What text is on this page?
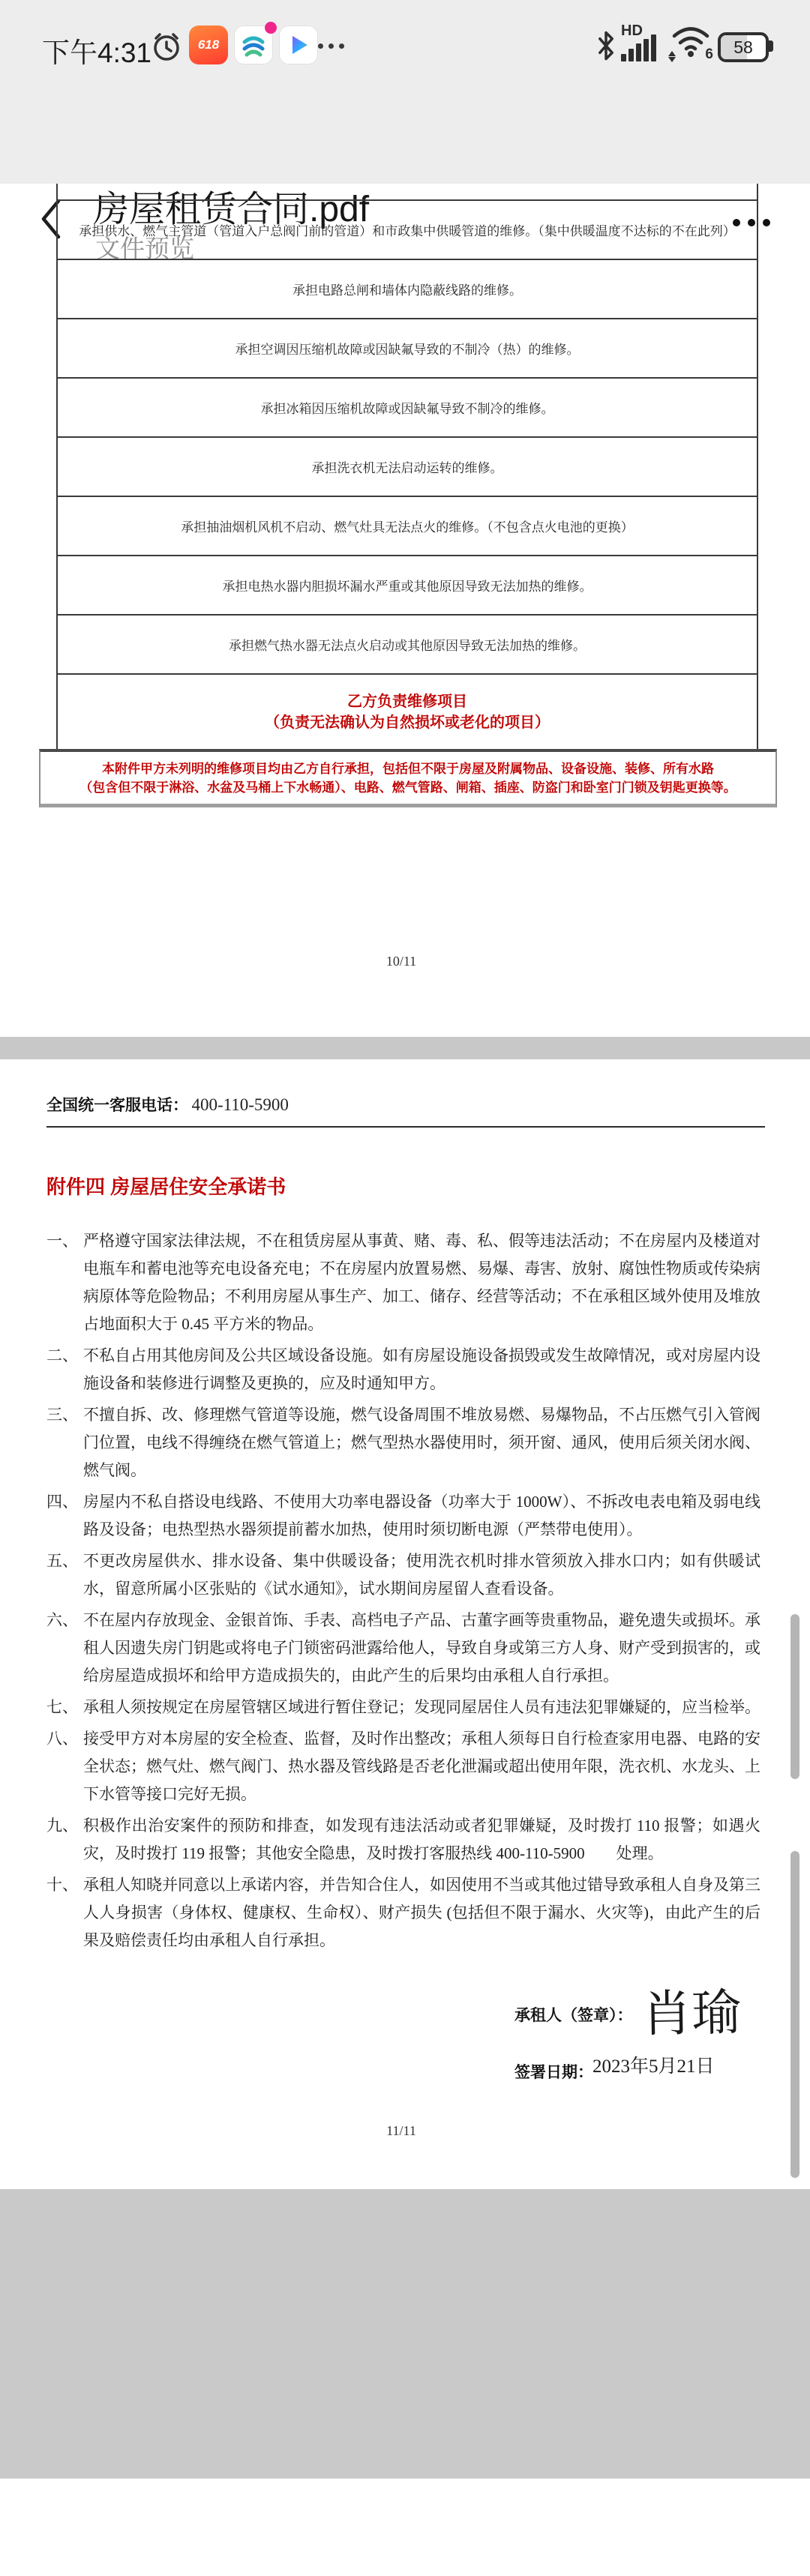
下午4:31	618
HD
6	58
房屋租赁合同.pdf
文件预览
承担供水、燃气主管道（管道入户总阀门前的管道）和市政集中供暖管道的维修。（集中供暖温度不达标的不在此列）
承担电路总闸和墙体内隐蔽线路的维修。
承担空调因压缩机故障或因缺氟导致的不制冷（热）的维修。
承担冰箱因压缩机故障或因缺氟导致不制冷的维修。
承担洗衣机无法启动运转的维修。
承担抽油烟机风机不启动、燃气灶具无法点火的维修。（不包含点火电池的更换）
承担电热水器内胆损坏漏水严重或其他原因导致无法加热的维修。
承担燃气热水器无法点火启动或其他原因导致无法加热的维修。
乙方负责维修项目
（负责无法确认为自然损坏或老化的项目）
本附件甲方未列明的维修项目均由乙方自行承担，包括但不限于房屋及附属物品、设备设施、装修、所有水路
（包含但不限于淋浴、水盆及马桶上下水畅通）、电路、燃气管路、闸箱、插座、防盗门和卧室门门锁及钥匙更换等。
10/11
全国统一客服电话： 400-110-5900
附件四 房屋居住安全承诺书
一、 严格遵守国家法律法规，不在租赁房屋从事黄、赌、毒、私、假等违法活动；不在房屋内及楼道对电瓶车和蓄电池等充电设备充电；不在房屋内放置易燃、易爆、毒害、放射、腐蚀性物质或传染病病原体等危险物品；不利用房屋从事生产、加工、储存、经营等活动；不在承租区域外使用及堆放占地面积大于 0.45 平方米的物品。
二、 不私自占用其他房间及公共区域设备设施。如有房屋设施设备损毁或发生故障情况，或对房屋内设施设备和装修进行调整及更换的，应及时通知甲方。
三、 不擅自拆、改、修理燃气管道等设施，燃气设备周围不堆放易燃、易爆物品，不占压燃气引入管阀门位置，电线不得缠绕在燃气管道上；燃气型热水器使用时，须开窗、通风，使用后须关闭水阀、燃气阀。
四、 房屋内不私自搭设电线路、不使用大功率电器设备（功率大于 1000W）、不拆改电表电箱及弱电线路及设备；电热型热水器须提前蓄水加热，使用时须切断电源（严禁带电使用）。
五、 不更改房屋供水、排水设备、集中供暖设备；使用洗衣机时排水管须放入排水口内；如有供暖试水，留意所属小区张贴的《试水通知》，试水期间房屋留人查看设备。
六、 不在屋内存放现金、金银首饰、手表、高档电子产品、古董字画等贵重物品，避免遗失或损坏。承租人因遗失房门钥匙或将电子门锁密码泄露给他人，导致自身或第三方人身、财产受到损害的，或给房屋造成损坏和给甲方造成损失的，由此产生的后果均由承租人自行承担。
七、 承租人须按规定在房屋管辖区域进行暂住登记；发现同屋居住人员有违法犯罪嫌疑的，应当检举。
八、 接受甲方对本房屋的安全检查、监督，及时作出整改；承租人须每日自行检查家用电器、电路的安全状态；燃气灶、燃气阀门、热水器及管线路是否老化泄漏或超出使用年限，洗衣机、水龙头、上下水管等接口完好无损。
九、 积极作出治安案件的预防和排查，如发现有违法活动或者犯罪嫌疑，及时拨打 110 报警；如遇火灾，及时拨打 119 报警；其他安全隐患，及时拨打客服热线 400-110-5900　　处理。
十、 承租人知晓并同意以上承诺内容，并告知合住人，如因使用不当或其他过错导致承租人自身及第三人人身损害（身体权、健康权、生命权）、财产损失 (包括但不限于漏水、火灾等)，由此产生的后果及赔偿责任均由承租人自行承担。
承租人（签章）： 肖瑜
签署日期： 2023年5月21日
11/11
